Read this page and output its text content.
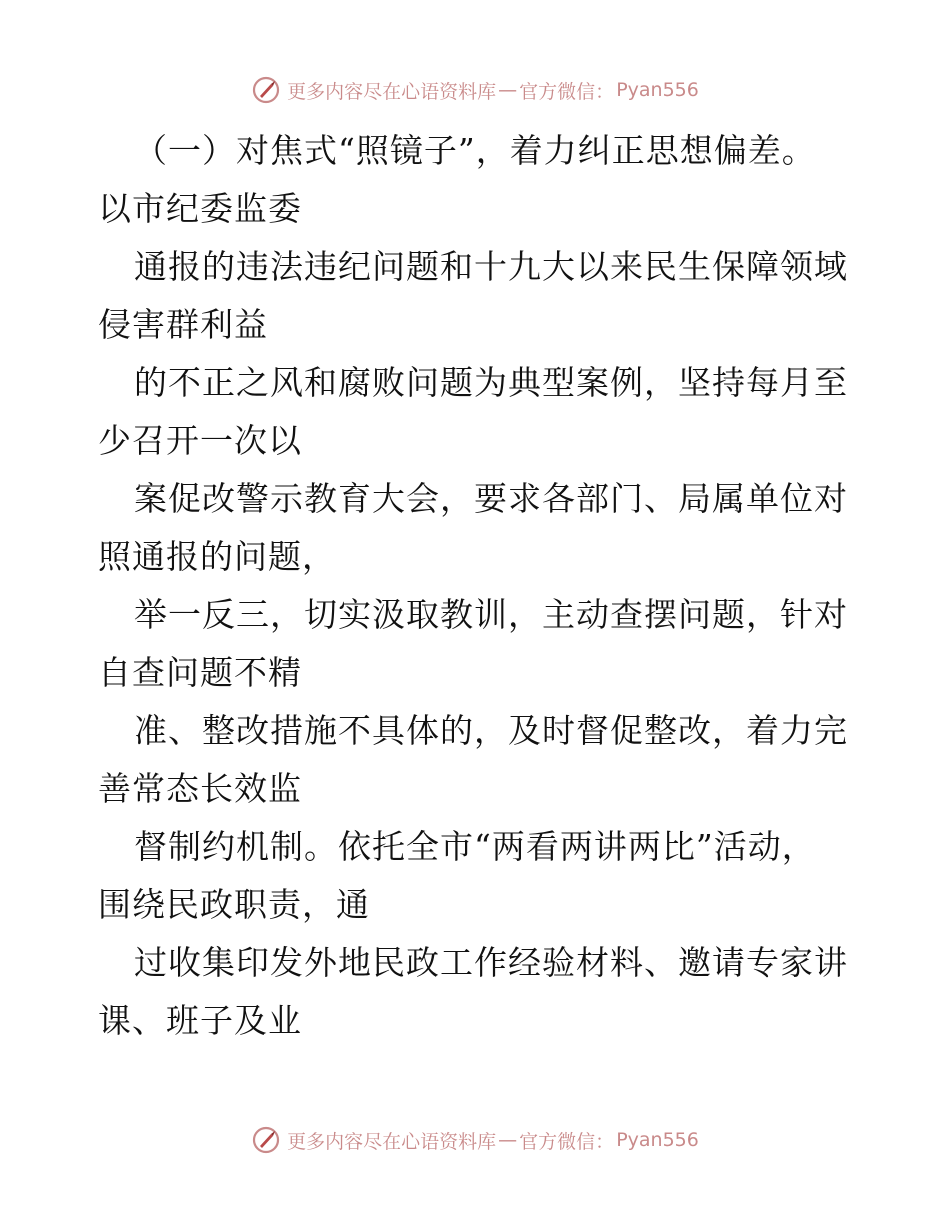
更多内容尽在心语资料库 — 官方微信： Pyan556
（一）对焦式“照镜子”，着力纠正思想偏差。
以市纪委监委
通报的违法违纪问题和十九大以来民生保障领域
侵害群利益
的不正之风和腐败问题为典型案例，坚持每月至
少召开一次以
案促改警示教育大会，要求各部门、局属单位对
照通报的问题，
举一反三，切实汲取教训，主动查摆问题，针对
自查问题不精
准、整改措施不具体的，及时督促整改，着力完
善常态长效监
督制约机制。依托全市“两看两讲两比”活动，
围绕民政职责，通
过收集印发外地民政工作经验材料、邀请专家讲
课、班子及业
更多内容尽在心语资料库 — 官方微信： Pyan556
